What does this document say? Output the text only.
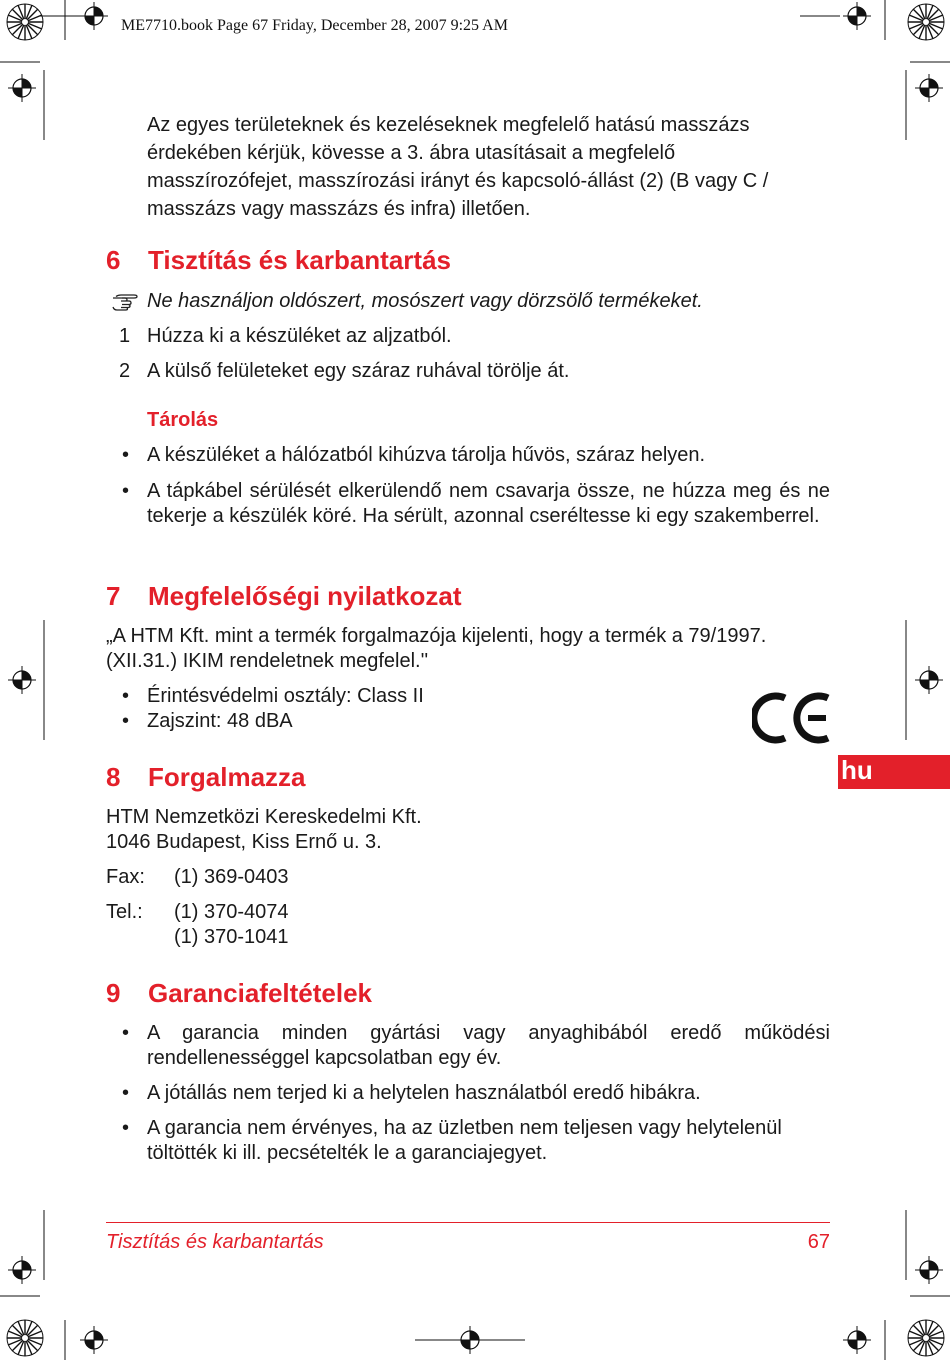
ME7710.book Page 67 Friday, December 28, 2007 9:25 AM
Az egyes területeknek és kezeléseknek megfelelő hatású masszázs
érdekében kérjük, kövesse a 3. ábra utasításait a megfelelő
masszírozófejet, masszírozási irányt és kapcsoló-állást (2) (B vagy C /
masszázs vagy masszázs és infra) illetően.
6 Tisztítás és karbantartás
Ne használjon oldószert, mosószert vagy dörzsölő termékeket.
1 Húzza ki a készüléket az aljzatból.
2 A külső felületeket egy száraz ruhával törölje át.
Tárolás
• A készüléket a hálózatból kihúzva tárolja hűvös, száraz helyen.
• A tápkábel sérülését elkerülendő nem csavarja össze, ne húzza meg és ne tekerje a készülék köré. Ha sérült, azonnal cseréltesse ki egy szakemberrel.
7 Megfelelőségi nyilatkozat
„A HTM Kft. mint a termék forgalmazója kijelenti, hogy a termék a 79/1997.
(XII.31.) IKIM rendeletnek megfelel.''
• Érintésvédelmi osztály: Class II
• Zajszint: 48 dBA
hu
8 Forgalmazza
HTM Nemzetközi Kereskedelmi Kft.
1046 Budapest, Kiss Ernő u. 3.
Fax: (1) 369-0403
Tel.: (1) 370-4074
(1) 370-1041
9 Garanciafeltételek
• A garancia minden gyártási vagy anyaghibából eredő működési rendellenességgel kapcsolatban egy év.
• A jótállás nem terjed ki a helytelen használatból eredő hibákra.
• A garancia nem érvényes, ha az üzletben nem teljesen vagy helytelenül töltötték ki ill. pecsételték le a garanciajegyet.
Tisztítás és karbantartás	67
